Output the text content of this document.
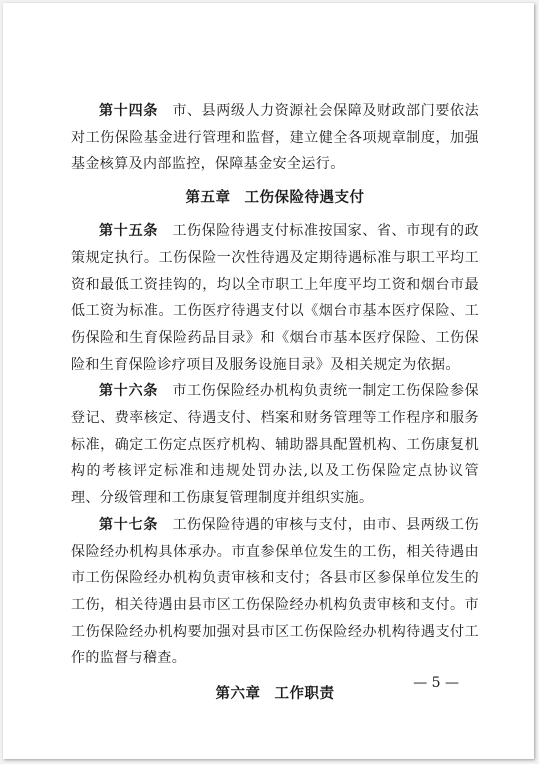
第十四条 市、县两级人力资源社会保障及财政部门要依法对工伤保险基金进行管理和监督，建立健全各项规章制度，加强基金核算及内部监控，保障基金安全运行。

第五章 工伤保险待遇支付

第十五条 工伤保险待遇支付标准按国家、省、市现有的政策规定执行。工伤保险一次性待遇及定期待遇标准与职工平均工资和最低工资挂钩的，均以全市职工上年度平均工资和烟台市最低工资为标准。工伤医疗待遇支付以《烟台市基本医疗保险、工伤保险和生育保险药品目录》和《烟台市基本医疗保险、工伤保险和生育保险诊疗项目及服务设施目录》及相关规定为依据。

第十六条 市工伤保险经办机构负责统一制定工伤保险参保登记、费率核定、待遇支付、档案和财务管理等工作程序和服务标准，确定工伤定点医疗机构、辅助器具配置机构、工伤康复机构的考核评定标准和违规处罚办法,以及工伤保险定点协议管理、分级管理和工伤康复管理制度并组织实施。

第十七条 工伤保险待遇的审核与支付，由市、县两级工伤保险经办机构具体承办。市直参保单位发生的工伤，相关待遇由市工伤保险经办机构负责审核和支付；各县市区参保单位发生的工伤，相关待遇由县市区工伤保险经办机构负责审核和支付。市工伤保险经办机构要加强对县市区工伤保险经办机构待遇支付工作的监督与稽查。

第六章 工作职责
— 5 —
